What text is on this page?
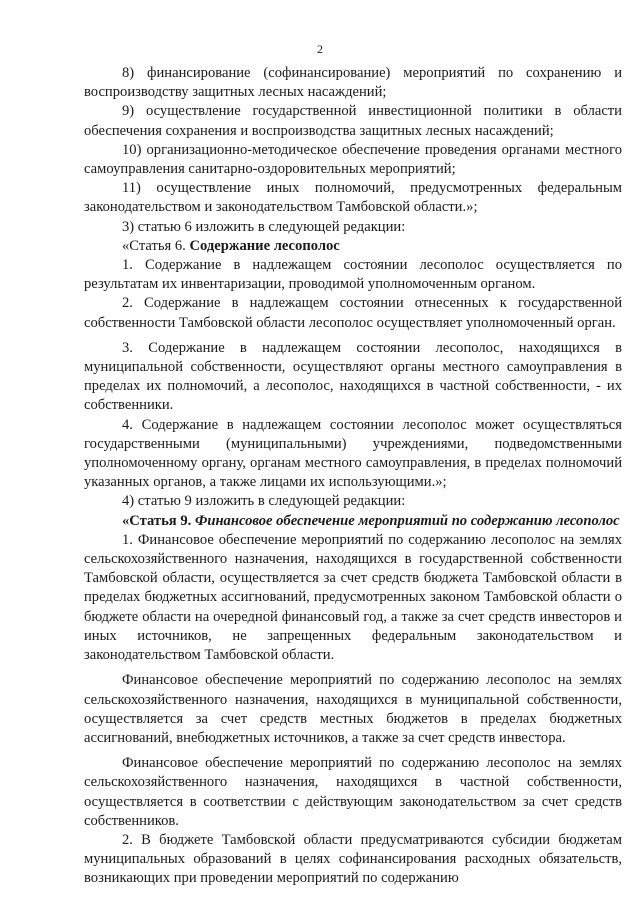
2

8) финансирование (софинансирование) мероприятий по сохранению и воспроизводству защитных лесных насаждений;

9) осуществление государственной инвестиционной политики в области обеспечения сохранения и воспроизводства защитных лесных насаждений;

10) организационно-методическое обеспечение проведения органами местного самоуправления санитарно-оздоровительных мероприятий;

11) осуществление иных полномочий, предусмотренных федеральным законодательством и законодательством Тамбовской области.»;

3) статью 6 изложить в следующей редакции:

«Статья 6. Содержание лесополос

1. Содержание в надлежащем состоянии лесополос осуществляется по результатам их инвентаризации, проводимой уполномоченным органом.

2. Содержание в надлежащем состоянии отнесенных к государственной собственности Тамбовской области лесополос осуществляет уполномоченный орган.

3. Содержание в надлежащем состоянии лесополос, находящихся в муниципальной собственности, осуществляют органы местного самоуправления в пределах их полномочий, а лесополос, находящихся в частной собственности, - их собственники.

4. Содержание в надлежащем состоянии лесополос может осуществляться государственными (муниципальными) учреждениями, подведомственными уполномоченному органу, органам местного самоуправления, в пределах полномочий указанных органов, а также лицами их использующими.»;

4) статью 9 изложить в следующей редакции:

«Статья 9. Финансовое обеспечение мероприятий по содержанию лесополос

1. Финансовое обеспечение мероприятий по содержанию лесополос на землях сельскохозяйственного назначения, находящихся в государственной собственности Тамбовской области, осуществляется за счет средств бюджета Тамбовской области в пределах бюджетных ассигнований, предусмотренных законом Тамбовской области о бюджете области на очередной финансовый год, а также за счет средств инвесторов и иных источников, не запрещенных федеральным законодательством и законодательством Тамбовской области.

Финансовое обеспечение мероприятий по содержанию лесополос на землях сельскохозяйственного назначения, находящихся в муниципальной собственности, осуществляется за счет средств местных бюджетов в пределах бюджетных ассигнований, внебюджетных источников, а также за счет средств инвестора.

Финансовое обеспечение мероприятий по содержанию лесополос на землях сельскохозяйственного назначения, находящихся в частной собственности, осуществляется в соответствии с действующим законодательством за счет средств собственников.

2. В бюджете Тамбовской области предусматриваются субсидии бюджетам муниципальных образований в целях софинансирования расходных обязательств, возникающих при проведении мероприятий по содержанию
